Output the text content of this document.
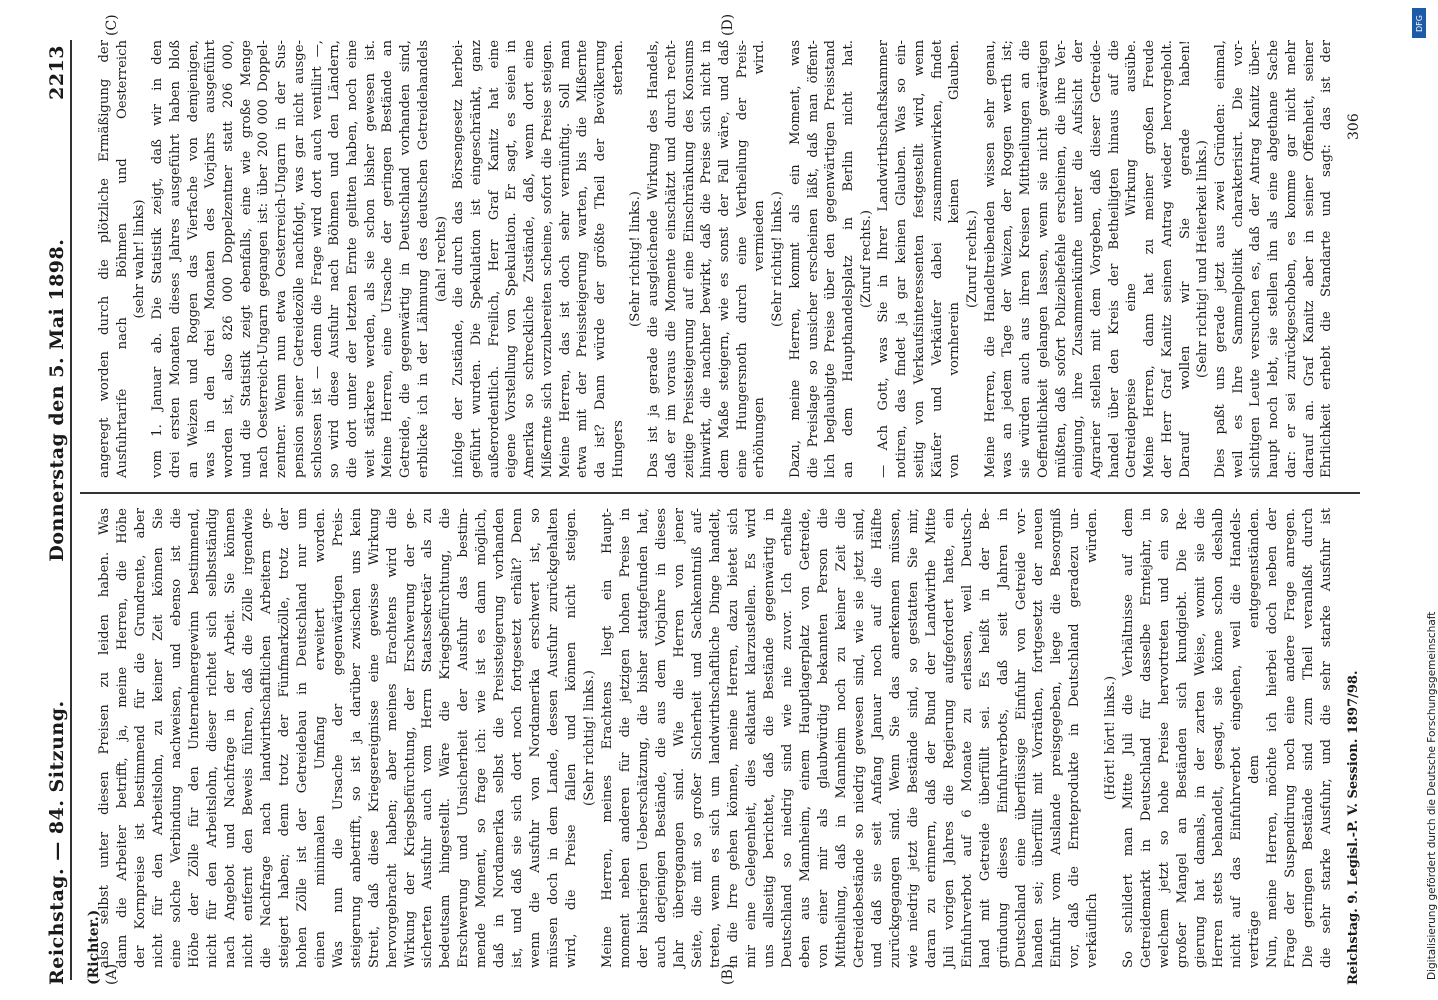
Reichstag. — 84. Sitzung.
Donnerstag den 5. Mai 1898.
2213
(A)	(B)
(C)	(D)
(Richter.)
also selbst unter diesen Preisen zu leiden haben. Was dann die Arbeiter betrifft, ja, meine Herren, die Höhe der Kornpreise ist bestimmend für die Grundrente, aber nicht für den Arbeitslohn, zu keiner Zeit können Sie eine solche Verbindung nachweisen, und ebenso ist die Höhe der Zölle für den Unternehmergewinn bestimmend, nicht für den Arbeitslohn, dieser richtet sich selbstständig nach Angebot und Nachfrage in der Arbeit. Sie können nicht entfernt den Beweis führen, daß die Zölle irgendwie die Nachfrage nach landwirthschaftlichen Arbeitern ge- steigert haben; denn trotz der Fünfmarkzölle, trotz der hohen Zölle ist der Getreidebau in Deutschland nur um einen minimalen Umfang erweitert worden. Was nun die Ursache der gegenwärtigen Preis- steigerung anbetrifft, so ist ja darüber zwischen uns kein Streit, daß diese Kriegsereignisse eine gewisse Wirkung hervorgebracht haben; aber meines Erachtens wird die Wirkung der Kriegsbefürchtung, der Erschwerung der ge- sicherten Ausfuhr auch vom Herrn Staatssekretär als zu bedeutsam hingestellt. Wäre die Kriegsbefürchtung, die Erschwerung und Unsicherheit der Ausfuhr das bestim- mende Moment, so frage ich: wie ist es dann möglich, daß in Nordamerika selbst die Preissteigerung vorhanden ist, und daß sie sich dort noch fortgesetzt erhält? Denn wenn die Ausfuhr von Nordamerika erschwert ist, so müssen doch in dem Lande, dessen Ausfuhr zurückgehalten wird, die Preise fallen und können nicht steigen. (Sehr richtig! links.) Meine Herren, meines Erachtens liegt ein Haupt- moment neben anderen für die jetzigen hohen Preise in der bisherigen Ueberschätzung, die bisher stattgefunden hat, auch derjenigen Bestände, die aus dem Vorjahre in dieses Jahr übergegangen sind. Wie die Herren von jener Seite, die mit so großer Sicherheit und Sachkenntniß auf- treten, wenn es sich um landwirthschaftliche Dinge handelt, in die Irre gehen können, meine Herren, dazu bietet sich mir eine Gelegenheit, dies eklatant klarzustellen. Es wird uns allseitig berichtet, daß die Bestände gegenwärtig in Deutschland so niedrig sind wie nie zuvor. Ich erhalte eben aus Mannheim, einem Hauptlagerplatz von Getreide, von einer mir als glaubwürdig bekannten Person die Mittheilung, daß in Mannheim noch zu keiner Zeit die Getreidebestände so niedrig gewesen sind, wie sie jetzt sind, und daß sie seit Anfang Januar noch auf die Hälfte zurückgegangen sind. Wenn Sie das anerkennen müssen, wie niedrig jetzt die Bestände sind, so gestatten Sie mir, daran zu erinnern, daß der Bund der Landwirthe Mitte Juli vorigen Jahres die Regierung aufgefordert hatte, ein Einfuhrverbot auf 6 Monate zu erlassen, weil Deutsch- land mit Getreide überfüllt sei. Es heißt in der Be- gründung dieses Einfuhrverbots, daß seit Jahren in Deutschland eine überflüssige Einfuhr von Getreide vor- handen sei; überfüllt mit Vorräthen, fortgesetzt der neuen Einfuhr vom Auslande preisgegeben, liege die Besorgniß vor, daß die Ernteprodukte in Deutschland geradezu un- verkäuflich würden. (Hört! hört! links.) So schildert man Mitte Juli die Verhältnisse auf dem Getreidemarkt in Deutschland für dasselbe Erntejahr, in welchem jetzt so hohe Preise hervortreten und ein so großer Mangel an Beständen sich kundgiebt. Die Re- gierung hat damals, in der zarten Weise, womit sie die Herren stets behandelt, gesagt, sie könne schon deshalb nicht auf das Einfuhrverbot eingehen, weil die Handels- verträge dem entgegenständen. Nun, meine Herren, möchte ich hierbei doch neben der Frage der Suspendirung noch eine andere Frage anregen. Die geringen Bestände sind zum Theil veranlaßt durch die sehr starke Ausfuhr, und die sehr starke Ausfuhr ist
angeregt worden durch die plötzliche Ermäßigung der Ausfuhrtarife nach Böhmen und Oesterreich (sehr wahr! links) vom 1. Januar ab. Die Statistik zeigt, daß wir in den drei ersten Monaten dieses Jahres ausgeführt haben bloß an Weizen und Roggen das Vierfache von demjenigen, was in den drei Monaten des Vorjahrs ausgeführt worden ist, also 826 000 Doppelzentner statt 206 000, und die Statistik zeigt ebenfalls, eine wie große Menge nach Oesterreich-Ungarn gegangen ist: über 200 000 Doppel- zentner. Wenn nun etwa Oesterreich-Ungarn in der Sus- pension seiner Getreidezölle nachfolgt, was gar nicht ausge- schlossen ist — denn die Frage wird dort auch ventilirt —, so wird diese Ausfuhr nach Böhmen und den Ländern, die dort unter der letzten Ernte gelitten haben, noch eine weit stärkere werden, als sie schon bisher gewesen ist. Meine Herren, eine Ursache der geringen Bestände an Getreide, die gegenwärtig in Deutschland vorhanden sind, erblicke ich in der Lähmung des deutschen Getreidehandels (aha! rechts) infolge der Zustände, die durch das Börsengesetz herbei- geführt wurden. Die Spekulation ist eingeschränkt, ganz außerordentlich. Freilich, Herr Graf Kanitz hat eine eigene Vorstellung von Spekulation. Er sagt, es seien in Amerika so schreckliche Zustände, daß, wenn dort eine Mißernte sich vorzubereiten scheine, sofort die Preise steigen. Meine Herren, das ist doch sehr vernünftig. Soll man etwa mit der Preissteigerung warten, bis die Mißernte da ist? Dann würde der größte Theil der Bevölkerung Hungers sterben. (Sehr richtig! links.) Das ist ja gerade die ausgleichende Wirkung des Handels, daß er im voraus die Momente einschätzt und durch recht- zeitige Preissteigerung auf eine Einschränkung des Konsums hinwirkt, die nachher bewirkt, daß die Preise sich nicht in dem Maße steigern, wie es sonst der Fall wäre, und daß eine Hungersnoth durch eine Vertheilung der Preis- erhöhungen vermieden wird. (Sehr richtig! links.) Dazu, meine Herren, kommt als ein Moment, was die Preislage so unsicher erscheinen läßt, daß man öffent- lich beglaubigte Preise über den gegenwärtigen Preisstand an dem Haupthandelsplatz in Berlin nicht hat. (Zuruf rechts.) — Ach Gott, was Sie in Ihrer Landwirthschaftskammer notiren, das findet ja gar keinen Glauben. Was so ein- seitig von Verkaufsinteressenten festgestellt wird, wenn Käufer und Verkäufer dabei zusammenwirken, findet von vornherein keinen Glauben. (Zuruf rechts.) Meine Herren, die Handeltreibenden wissen sehr genau, was an jedem Tage der Weizen, der Roggen werth ist; sie würden auch aus ihren Kreisen Mittheilungen an die Oeffentlichkeit gelangen lassen, wenn sie nicht gewärtigen müßten, daß sofort Polizeibefehle erscheinen, die ihre Ver- einigung, ihre Zusammenkünfte unter die Aufsicht der Agrarier stellen mit dem Vorgeben, daß dieser Getreide- handel über den Kreis der Betheiligten hinaus auf die Getreidepreise eine Wirkung ausübe. Meine Herren, dann hat zu meiner großen Freude der Herr Graf Kanitz seinen Antrag wieder hervorgeholt. Darauf wollen wir Sie gerade haben! (Sehr richtig! und Heiterkeit links.) Dies paßt uns gerade jetzt aus zwei Gründen: einmal, weil es Ihre Sammelpolitik charakterisirt. Die vor- sichtigen Leute versuchen es, daß der Antrag Kanitz über- haupt noch lebt, sie stellen ihn als eine abgethane Sache dar: er sei zurückgeschoben, es komme gar nicht mehr darauf an. Graf Kanitz aber in seiner Offenheit, seiner Ehrlichkeit erhebt die Standarte und sagt: das ist der
Reichstag. 9. Legisl.-P. V. Session. 1897/98.
306
Digitalisierung gefördert durch die Deutsche Forschungsgemeinschaft
DFG
